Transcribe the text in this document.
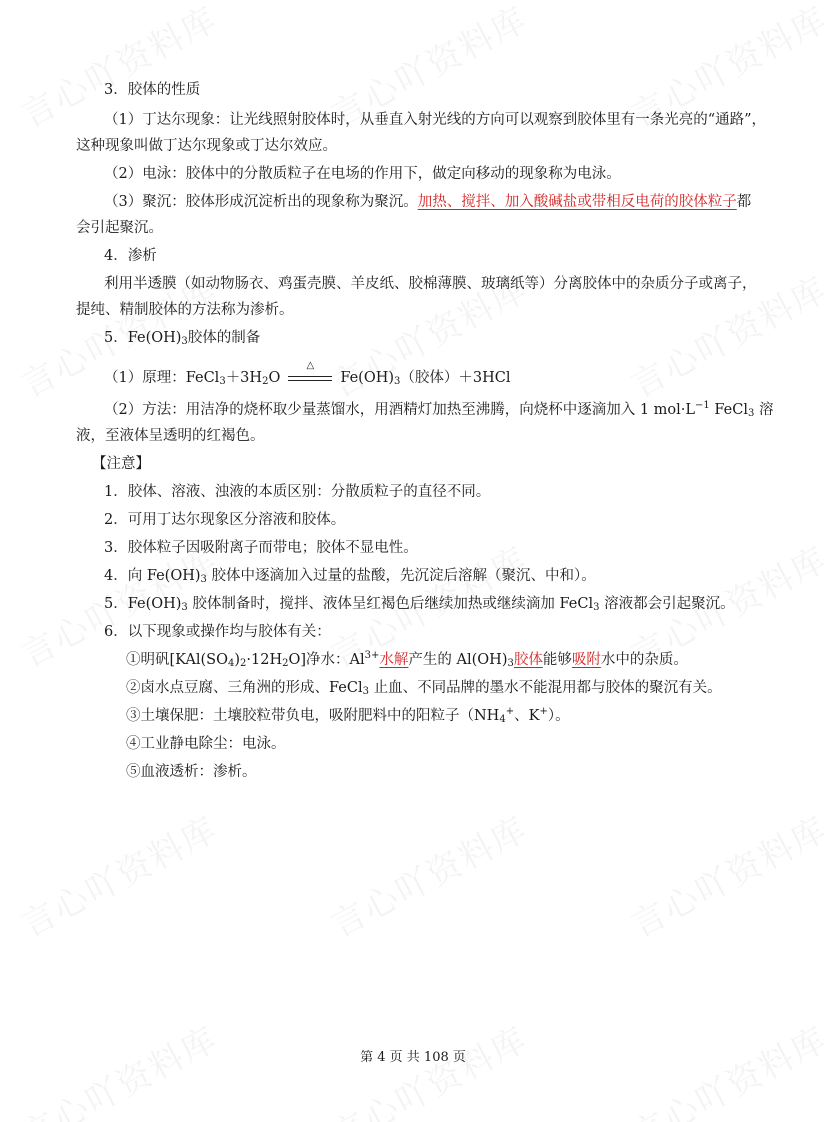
3．胶体的性质
（1）丁达尔现象：让光线照射胶体时，从垂直入射光线的方向可以观察到胶体里有一条光亮的“通路”，
这种现象叫做丁达尔现象或丁达尔效应。
（2）电泳：胶体中的分散质粒子在电场的作用下，做定向移动的现象称为电泳。
（3）聚沉：胶体形成沉淀析出的现象称为聚沉。加热、搅拌、加入酸碱盐或带相反电荷的胶体粒子都
会引起聚沉。
4．渗析
利用半透膜（如动物肠衣、鸡蛋壳膜、羊皮纸、胶棉薄膜、玻璃纸等）分离胶体中的杂质分子或离子，
提纯、精制胶体的方法称为渗析。
5．$Fe(OH)_3$胶体的制备
（1）原理：$FeCl_3+3H_2O$
△
$Fe(OH)_3$（胶体）＋3HCl
（2）方法：用洁净的烧杯取少量蒸馏水，用酒精灯加热至沸腾，向烧杯中逐滴加入 1 $mol\cdot L^{-1}$ FeCl$_3$ 溶
液，至液体呈透明的红褐色。
【注意】
1．胶体、溶液、浊液的本质区别：分散质粒子的直径不同。
2．可用丁达尔现象区分溶液和胶体。
3．胶体粒子因吸附离子而带电；胶体不显电性。
4．向 $Fe(OH)_3$ 胶体中逐滴加入过量的盐酸，先沉淀后溶解（聚沉、中和）。
5．$Fe(OH)_3$ 胶体制备时，搅拌、液体呈红褐色后继续加热或继续滴加 FeCl$_3$ 溶液都会引起聚沉。
6．以下现象或操作均与胶体有关：
①明矾$[KAl(SO_4)_2\cdot 12H_2O]$净水：$Al^{3+}$水解产生的 $Al(OH)_3$胶体能够吸附水中的杂质。
②卤水点豆腐、三角洲的形成、FeCl$_3$ 止血、不同品牌的墨水不能混用都与胶体的聚沉有关。
③土壤保肥：土壤胶粒带负电，吸附肥料中的阳粒子（$NH_4^+$、K+）。
④工业静电除尘：电泳。
⑤血液透析：渗析。
第 4 页 共 108 页
